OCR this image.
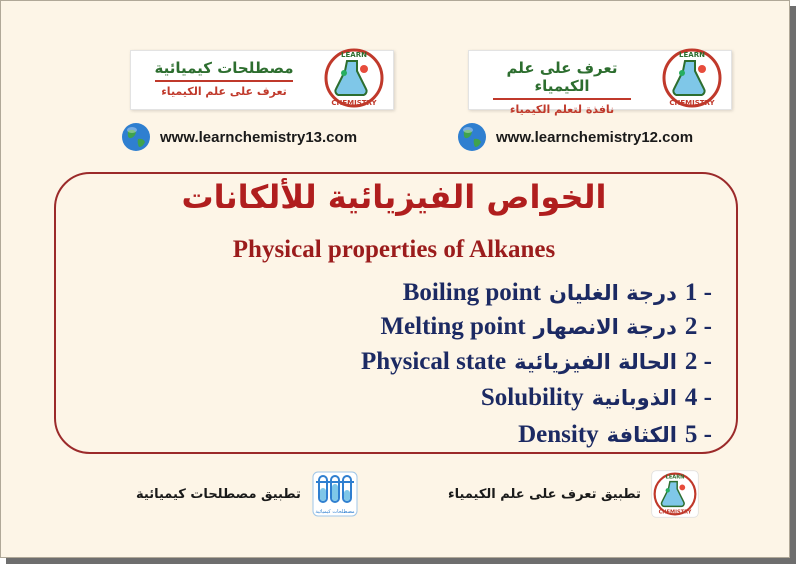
مصطلحات كيميائية
تعرف على علم الكيمياء
LEARN
CHEMISTRY
تعرف على علم الكيمياء
نافذة لتعلم الكيمياء
LEARN
CHEMISTRY
www.learnchemistry13.com	www.learnchemistry12.com
الخواص الفيزيائية للألكانات
Physical properties of Alkanes
Boiling point درجة الغليان 1 -
Melting point درجة الانصهار 2 -
Physical state الحالة الفيزيائية 2 -
Solubility الذوبانية 4 -
Density الكثافة 5 -
تطبيق مصطلحات كيميائية
مصطلحات كيميائية
تطبيق تعرف على علم الكيمياء
LEARN
CHEMISTRY
